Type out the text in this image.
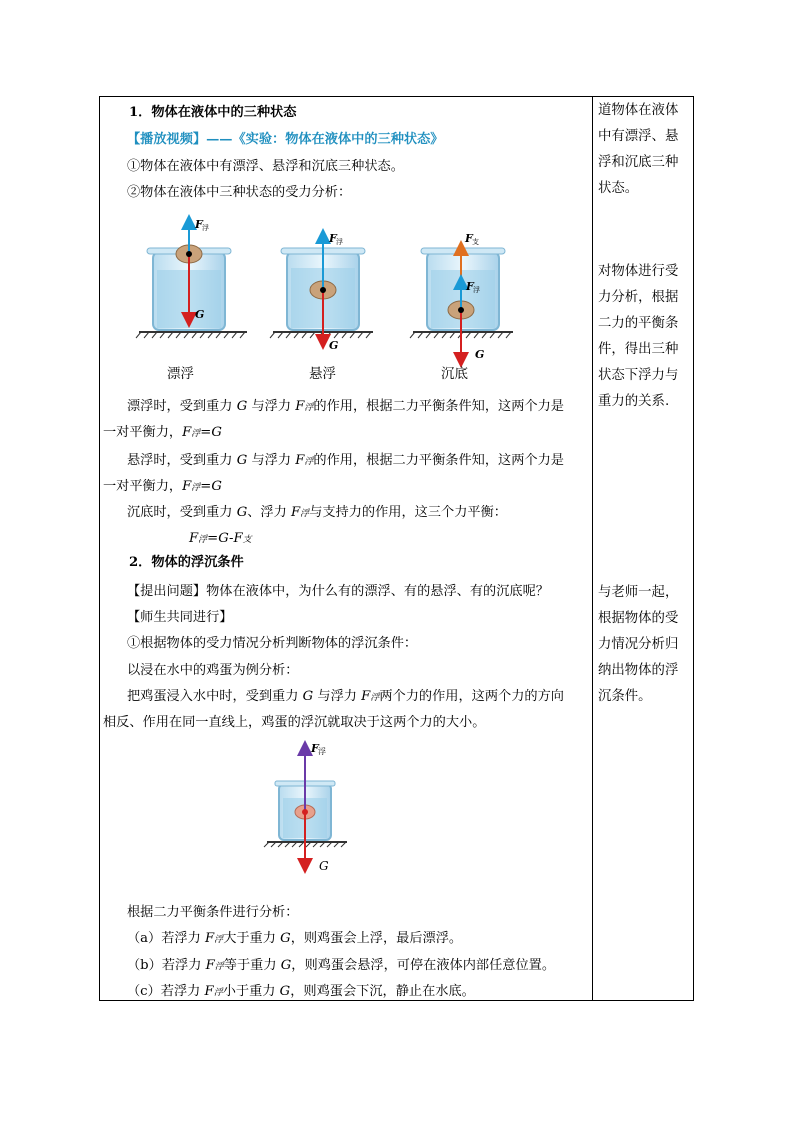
1．物体在液体中的三种状态
【播放视频】——《实验：物体在液体中的三种状态》
①物体在液体中有漂浮、悬浮和沉底三种状态。
②物体在液体中三种状态的受力分析：
F 浮
G
F 浮
G
F 支
F 浮
G
漂浮	悬浮	沉底
漂浮时，受到重力 G 与浮力 F浮的作用，根据二力平衡条件知，这两个力是
一对平衡力，F浮=G
悬浮时，受到重力 G 与浮力 F浮的作用，根据二力平衡条件知，这两个力是
一对平衡力，F浮=G
沉底时，受到重力 G、浮力 F浮与支持力的作用，这三个力平衡：
F浮=G-F支
2．物体的浮沉条件
【提出问题】物体在液体中，为什么有的漂浮、有的悬浮、有的沉底呢？
【师生共同进行】
①根据物体的受力情况分析判断物体的浮沉条件：
以浸在水中的鸡蛋为例分析：
把鸡蛋浸入水中时，受到重力 G 与浮力 F浮两个力的作用，这两个力的方向
相反、作用在同一直线上，鸡蛋的浮沉就取决于这两个力的大小。
F 浮
G
根据二力平衡条件进行分析：
（a）若浮力 F浮大于重力 G，则鸡蛋会上浮，最后漂浮。
（b）若浮力 F浮等于重力 G，则鸡蛋会悬浮，可停在液体内部任意位置。
（c）若浮力 F浮小于重力 G，则鸡蛋会下沉，静止在水底。
道物体在液体
中有漂浮、悬
浮和沉底三种
状态。
对物体进行受
力分析，根据
二力的平衡条
件，得出三种
状态下浮力与
重力的关系.
与老师一起，
根据物体的受
力情况分析归
纳出物体的浮
沉条件。
